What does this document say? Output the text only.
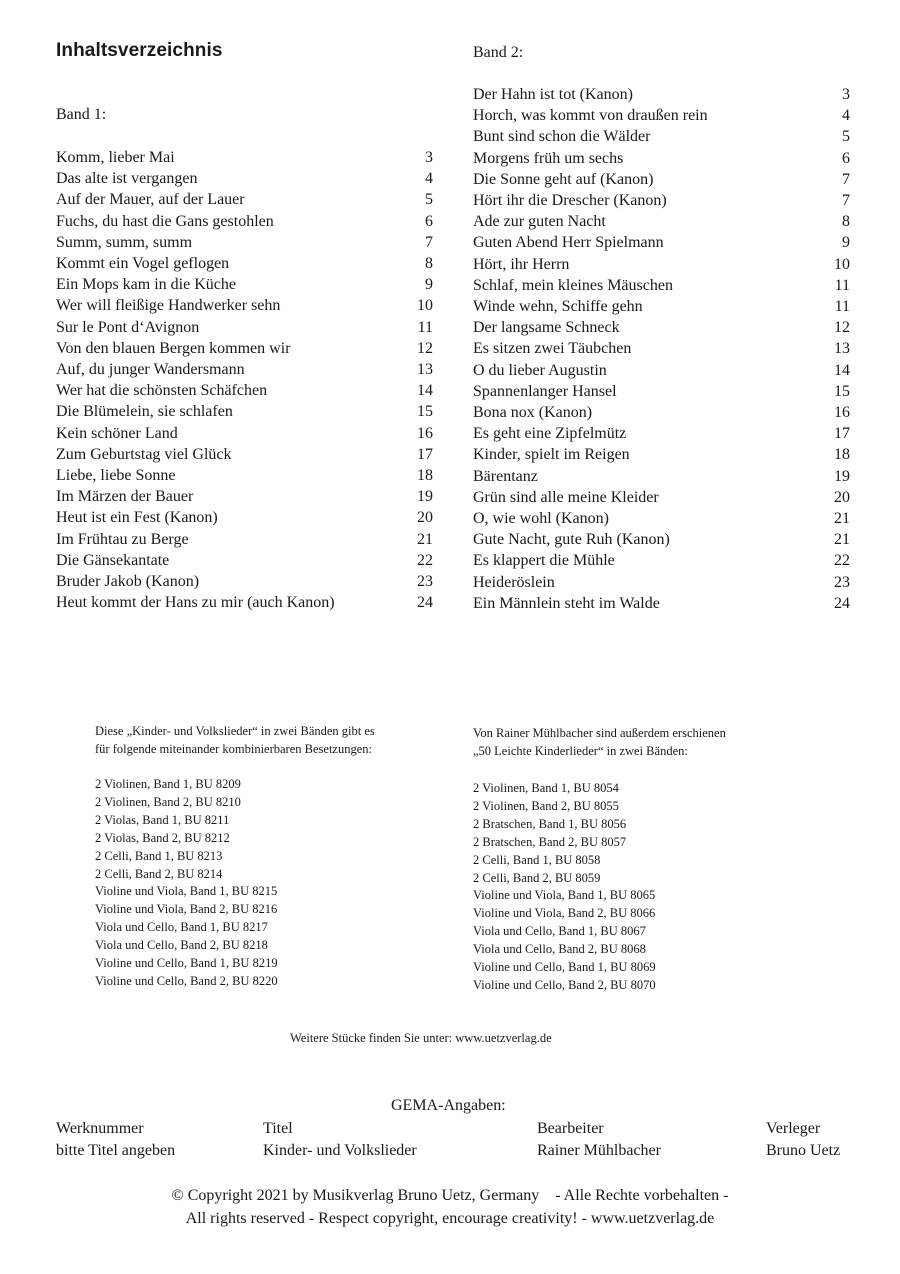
Inhaltsverzeichnis
Band 1:
Band 2:
Komm, lieber Mai	3
Das alte ist vergangen	4
Auf der Mauer, auf der Lauer	5
Fuchs, du hast die Gans gestohlen	6
Summ, summ, summ	7
Kommt ein Vogel geflogen	8
Ein Mops kam in die Küche	9
Wer will fleißige Handwerker sehn	10
Sur le Pont d‘Avignon	11
Von den blauen Bergen kommen wir	12
Auf, du junger Wandersmann	13
Wer hat die schönsten Schäfchen	14
Die Blümelein, sie schlafen	15
Kein schöner Land	16
Zum Geburtstag viel Glück	17
Liebe, liebe Sonne	18
Im Märzen der Bauer	19
Heut ist ein Fest (Kanon)	20
Im Frühtau zu Berge	21
Die Gänsekantate	22
Bruder Jakob (Kanon)	23
Heut kommt der Hans zu mir (auch Kanon)	24
Der Hahn ist tot (Kanon)	3
Horch, was kommt von draußen rein	4
Bunt sind schon die Wälder	5
Morgens früh um sechs	6
Die Sonne geht auf (Kanon)	7
Hört ihr die Drescher (Kanon)	7
Ade zur guten Nacht	8
Guten Abend Herr Spielmann	9
Hört, ihr Herrn	10
Schlaf, mein kleines Mäuschen	11
Winde wehn, Schiffe gehn	11
Der langsame Schneck	12
Es sitzen zwei Täubchen	13
O du lieber Augustin	14
Spannenlanger Hansel	15
Bona nox (Kanon)	16
Es geht eine Zipfelmütz	17
Kinder, spielt im Reigen	18
Bärentanz	19
Grün sind alle meine Kleider	20
O, wie wohl (Kanon)	21
Gute Nacht, gute Ruh (Kanon)	21
Es klappert die Mühle	22
Heideröslein	23
Ein Männlein steht im Walde	24
Diese „Kinder- und Volkslieder“ in zwei Bänden gibt es
für folgende miteinander kombinierbaren Besetzungen:
Von Rainer Mühlbacher sind außerdem erschienen
„50 Leichte Kinderlieder“ in zwei Bänden:
2 Violinen, Band 1, BU 8209
2 Violinen, Band 2, BU 8210
2 Violas, Band 1, BU 8211
2 Violas, Band 2, BU 8212
2 Celli, Band 1, BU 8213
2 Celli, Band 2, BU 8214
Violine und Viola, Band 1, BU 8215
Violine und Viola, Band 2, BU 8216
Viola und Cello, Band 1, BU 8217
Viola und Cello, Band 2, BU 8218
Violine und Cello, Band 1, BU 8219
Violine und Cello, Band 2, BU 8220
2 Violinen, Band 1, BU 8054
2 Violinen, Band 2, BU 8055
2 Bratschen, Band 1, BU 8056
2 Bratschen, Band 2, BU 8057
2 Celli, Band 1, BU 8058
2 Celli, Band 2, BU 8059
Violine und Viola, Band 1, BU 8065
Violine und Viola, Band 2, BU 8066
Viola und Cello, Band 1, BU 8067
Viola und Cello, Band 2, BU 8068
Violine und Cello, Band 1, BU 8069
Violine und Cello, Band 2, BU 8070
Weitere Stücke finden Sie unter: www.uetzverlag.de
GEMA-Angaben:
Werknummer	Titel	Bearbeiter	Verleger
bitte Titel angeben	Kinder- und Volkslieder	Rainer Mühlbacher	Bruno Uetz
© Copyright 2021 by Musikverlag Bruno Uetz, Germany    - Alle Rechte vorbehalten -
All rights reserved - Respect copyright, encourage creativity! - www.uetzverlag.de
